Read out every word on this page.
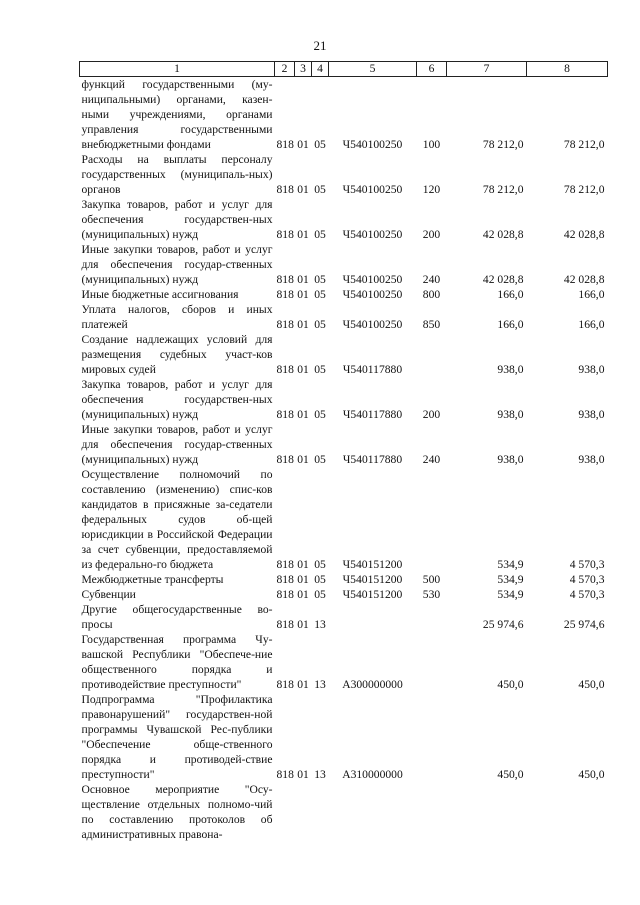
21
1	2	3	4	5	6	7	8
функций государственными (му-ниципальными) органами, казен-ными учреждениями, органами управления государственными внебюджетными фондами	818	01	05	Ч540100250	100	78 212,0	78 212,0
Расходы на выплаты персоналу государственных (муниципаль-ных) органов	818	01	05	Ч540100250	120	78 212,0	78 212,0
Закупка товаров, работ и услуг для обеспечения государствен-ных (муниципальных) нужд	818	01	05	Ч540100250	200	42 028,8	42 028,8
Иные закупки товаров, работ и услуг для обеспечения государ-ственных (муниципальных) нужд	818	01	05	Ч540100250	240	42 028,8	42 028,8
Иные бюджетные ассигнования	818	01	05	Ч540100250	800	166,0	166,0
Уплата налогов, сборов и иных платежей	818	01	05	Ч540100250	850	166,0	166,0
Создание надлежащих условий для размещения судебных участ-ков мировых судей	818	01	05	Ч540117880		938,0	938,0
Закупка товаров, работ и услуг для обеспечения государствен-ных (муниципальных) нужд	818	01	05	Ч540117880	200	938,0	938,0
Иные закупки товаров, работ и услуг для обеспечения государ-ственных (муниципальных) нужд	818	01	05	Ч540117880	240	938,0	938,0
Осуществление полномочий по составлению (изменению) спис-ков кандидатов в присяжные за-седатели федеральных судов об-щей юрисдикции в Российской Федерации за счет субвенции, предоставляемой из федерально-го бюджета	818	01	05	Ч540151200		534,9	4 570,3
Межбюджетные трансферты	818	01	05	Ч540151200	500	534,9	4 570,3
Субвенции	818	01	05	Ч540151200	530	534,9	4 570,3
Другие общегосударственные во-просы	818	01	13			25 974,6	25 974,6
Государственная программа Чу-вашской Республики "Обеспече-ние общественного порядка и противодействие преступности"	818	01	13	А300000000		450,0	450,0
Подпрограмма "Профилактика правонарушений" государствен-ной программы Чувашской Рес-публики "Обеспечение обще-ственного порядка и противодей-ствие преступности"	818	01	13	А310000000		450,0	450,0
Основное мероприятие "Осу-ществление отдельных полномо-чий по составлению протоколов об административных правона-							
